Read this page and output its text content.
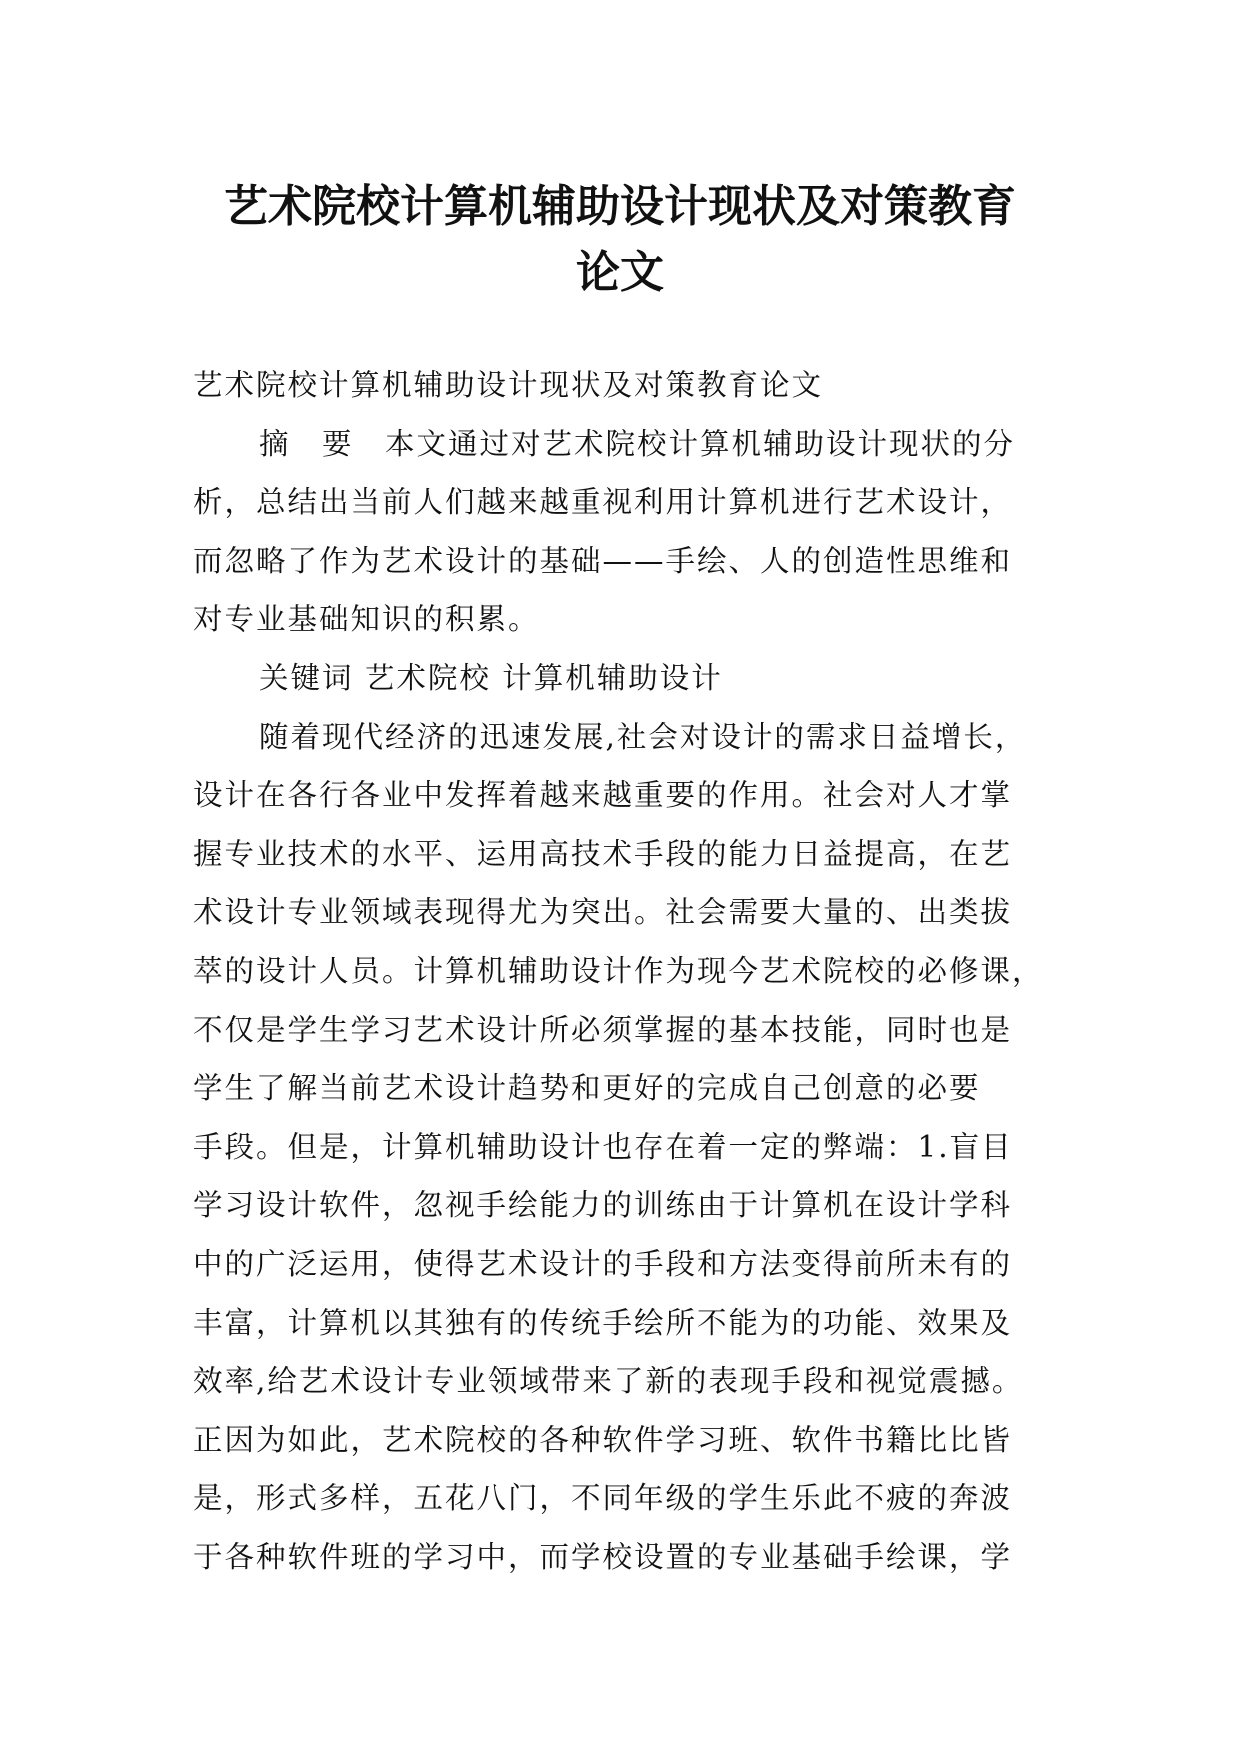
艺术院校计算机辅助设计现状及对策教育
论文
艺术院校计算机辅助设计现状及对策教育论文
摘　要　本文通过对艺术院校计算机辅助设计现状的分
析，总结出当前人们越来越重视利用计算机进行艺术设计，
而忽略了作为艺术设计的基础——手绘、人的创造性思维和
对专业基础知识的积累。
关键词 艺术院校 计算机辅助设计
随着现代经济的迅速发展,社会对设计的需求日益增长，
设计在各行各业中发挥着越来越重要的作用。社会对人才掌
握专业技术的水平、运用高技术手段的能力日益提高，在艺
术设计专业领域表现得尤为突出。社会需要大量的、出类拔
萃的设计人员。计算机辅助设计作为现今艺术院校的必修课，
不仅是学生学习艺术设计所必须掌握的基本技能，同时也是
学生了解当前艺术设计趋势和更好的完成自己创意的必要
手段。但是，计算机辅助设计也存在着一定的弊端：1.盲目
学习设计软件，忽视手绘能力的训练由于计算机在设计学科
中的广泛运用，使得艺术设计的手段和方法变得前所未有的
丰富，计算机以其独有的传统手绘所不能为的功能、效果及
效率,给艺术设计专业领域带来了新的表现手段和视觉震撼。
正因为如此，艺术院校的各种软件学习班、软件书籍比比皆
是，形式多样，五花八门，不同年级的学生乐此不疲的奔波
于各种软件班的学习中，而学校设置的专业基础手绘课，学
